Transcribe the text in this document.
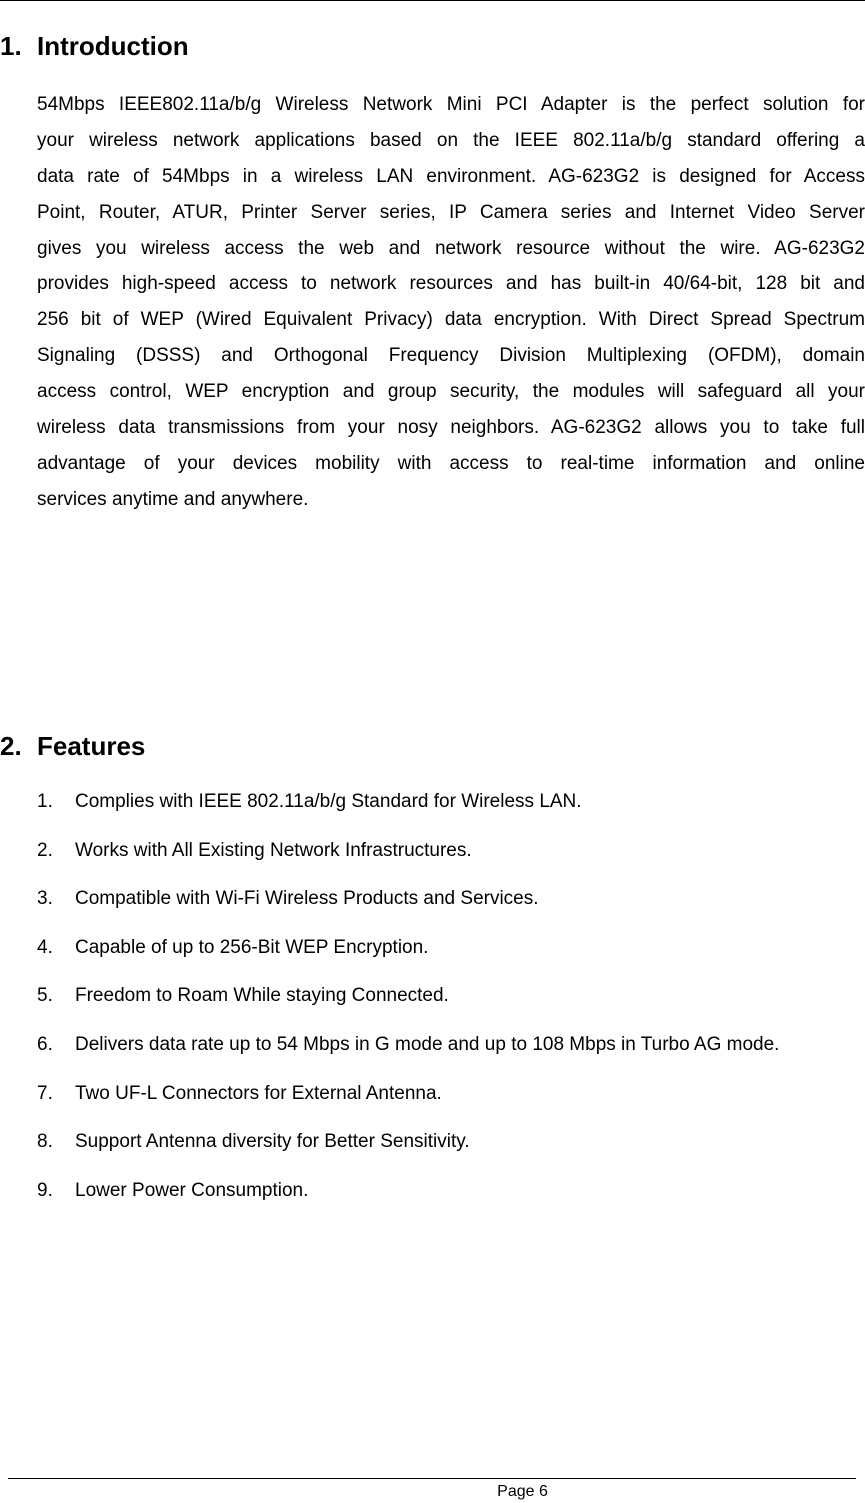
1. Introduction
54Mbps IEEE802.11a/b/g Wireless Network Mini PCI Adapter is the perfect solution for
your wireless network applications based on the IEEE 802.11a/b/g standard offering a
data rate of 54Mbps in a wireless LAN environment. AG-623G2 is designed for Access
Point, Router, ATUR, Printer Server series, IP Camera series and Internet Video Server
gives you wireless access the web and network resource without the wire. AG-623G2
provides high-speed access to network resources and has built-in 40/64-bit, 128 bit and
256 bit of WEP (Wired Equivalent Privacy) data encryption. With Direct Spread Spectrum
Signaling (DSSS) and Orthogonal Frequency Division Multiplexing (OFDM), domain
access control, WEP encryption and group security, the modules will safeguard all your
wireless data transmissions from your nosy neighbors. AG-623G2 allows you to take full
advantage of your devices mobility with access to real-time information and online
services anytime and anywhere.
2. Features
1. Complies with IEEE 802.11a/b/g Standard for Wireless LAN.
2. Works with All Existing Network Infrastructures.
3. Compatible with Wi-Fi Wireless Products and Services.
4. Capable of up to 256-Bit WEP Encryption.
5. Freedom to Roam While staying Connected.
6. Delivers data rate up to 54 Mbps in G mode and up to 108 Mbps in Turbo AG mode.
7. Two UF-L Connectors for External Antenna.
8. Support Antenna diversity for Better Sensitivity.
9. Lower Power Consumption.
Page 6
